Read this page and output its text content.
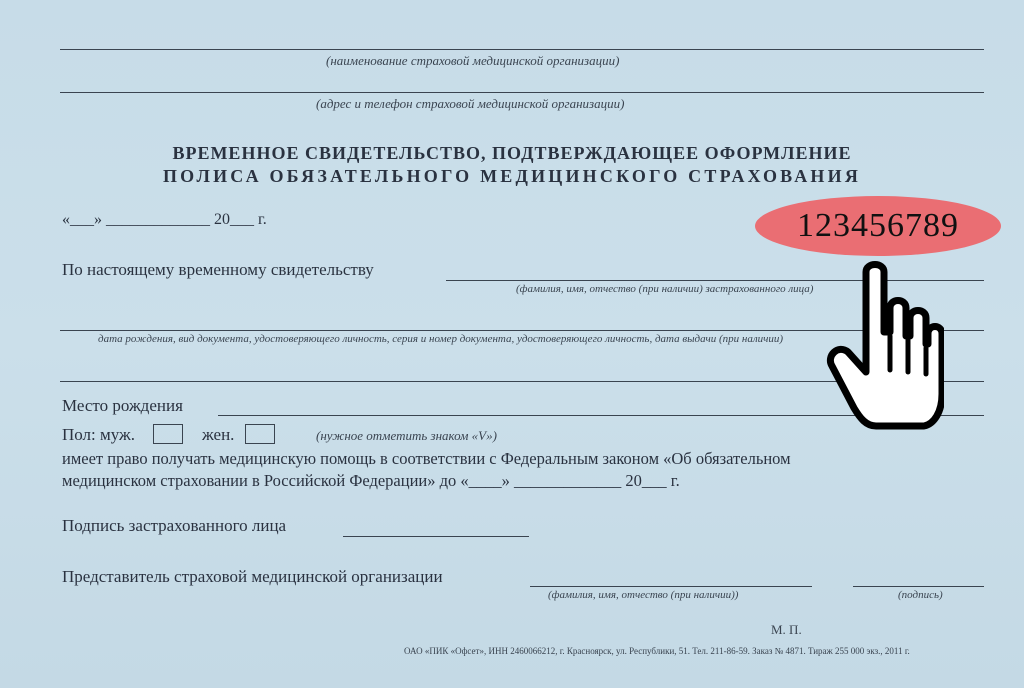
(наименование страховой медицинской организации)
(адрес и телефон страховой медицинской организации)
ВРЕМЕННОЕ СВИДЕТЕЛЬСТВО, ПОДТВЕРЖДАЮЩЕЕ ОФОРМЛЕНИЕ
ПОЛИСА ОБЯЗАТЕЛЬНОГО МЕДИЦИНСКОГО СТРАХОВАНИЯ
«___» _____________ 20___ г.	123456789
По настоящему временному свидетельству
(фамилия, имя, отчество (при наличии) застрахованного лица)
дата рождения, вид документа, удостоверяющего личность, серия и номер документа, удостоверяющего личность, дата выдачи (при наличии)
Место рождения
Пол: муж.	жен.	(нужное отметить знаком «V»)
имеет право получать медицинскую помощь в соответствии с Федеральным законом «Об обязательном
медицинском страховании в Российской Федерации» до «____» _____________ 20___ г.
Подпись застрахованного лица
Представитель страховой медицинской организации
(фамилия, имя, отчество (при наличии))	(подпись)
М. П.
ОАО «ПИК «Офсет», ИНН 2460066212, г. Красноярск, ул. Республики, 51. Тел. 211-86-59. Заказ № 4871. Тираж 255 000 экз., 2011 г.
